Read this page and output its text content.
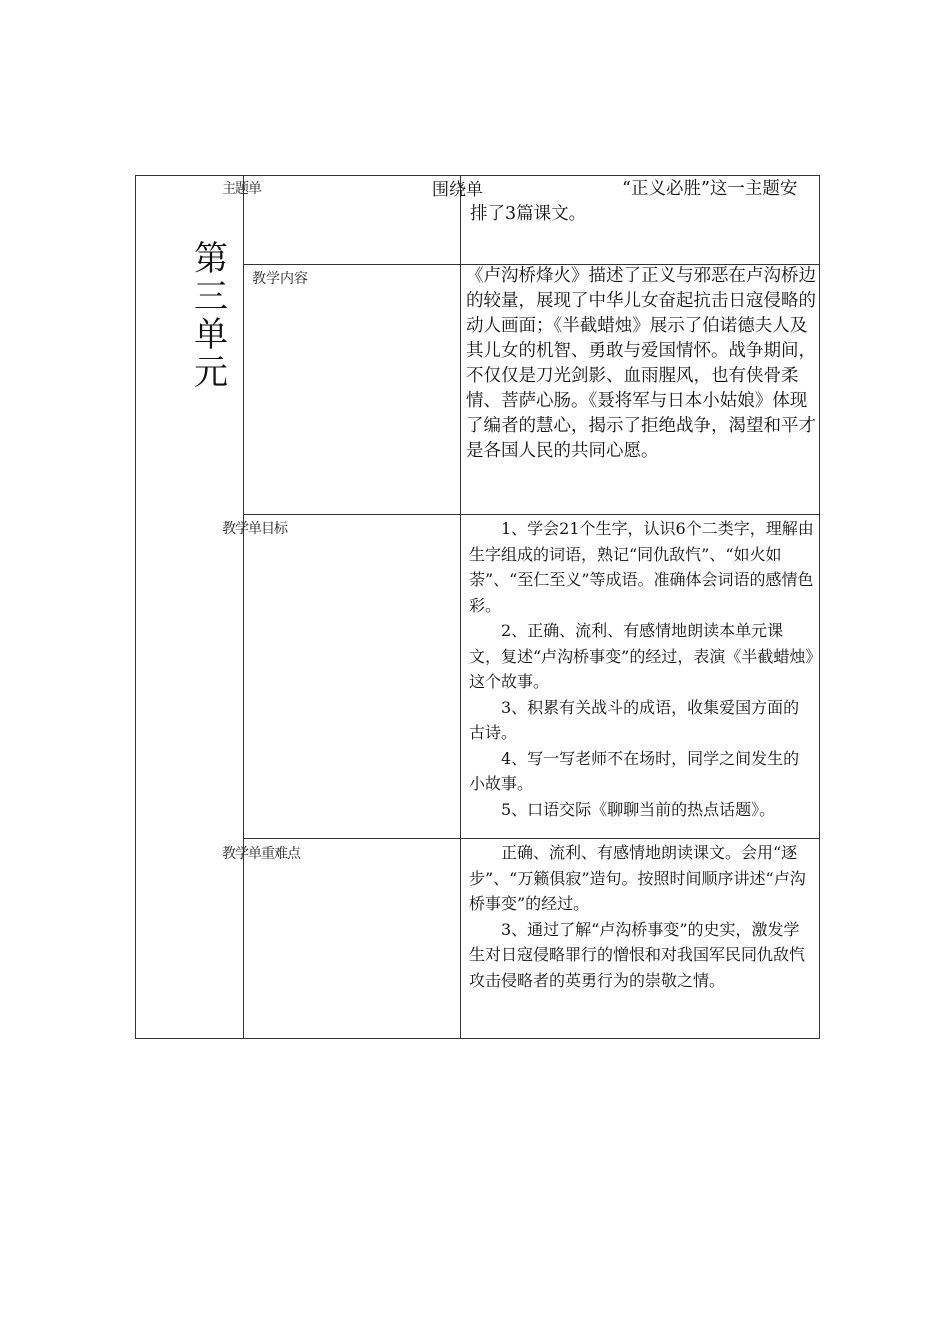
第
三
单
元
主题单	围绕单	“正义必胜”这一主题安排了3篇课文。

教学内容	《卢沟桥烽火》描述了正义与邪恶在卢沟桥边的较量，展现了中华儿女奋起抗击日寇侵略的动人画面；《半截蜡烛》展示了伯诺德夫人及其儿女的机智、勇敢与爱国情怀。战争期间，不仅仅是刀光剑影、血雨腥风，也有侠骨柔情、菩萨心肠。《聂将军与日本小姑娘》体现了编者的慧心，揭示了拒绝战争，渴望和平才是各国人民的共同心愿。

教学单目标	1、学会21个生字，认识6个二类字，理解由生字组成的词语，熟记“同仇敌忾”、“如火如荼”、“至仁至义”等成语。准确体会词语的感情色彩。

2、正确、流利、有感情地朗读本单元课文，复述“卢沟桥事变”的经过，表演《半截蜡烛》这个故事。

3、积累有关战斗的成语，收集爱国方面的古诗。

4、写一写老师不在场时，同学之间发生的小故事。

5、口语交际《聊聊当前的热点话题》。

教学单重难点	正确、流利、有感情地朗读课文。会用“逐步”、“万籁俱寂”造句。按照时间顺序讲述“卢沟桥事变”的经过。

3、通过了解“卢沟桥事变”的史实，激发学生对日寇侵略罪行的憎恨和对我国军民同仇敌忾攻击侵略者的英勇行为的崇敬之情。
